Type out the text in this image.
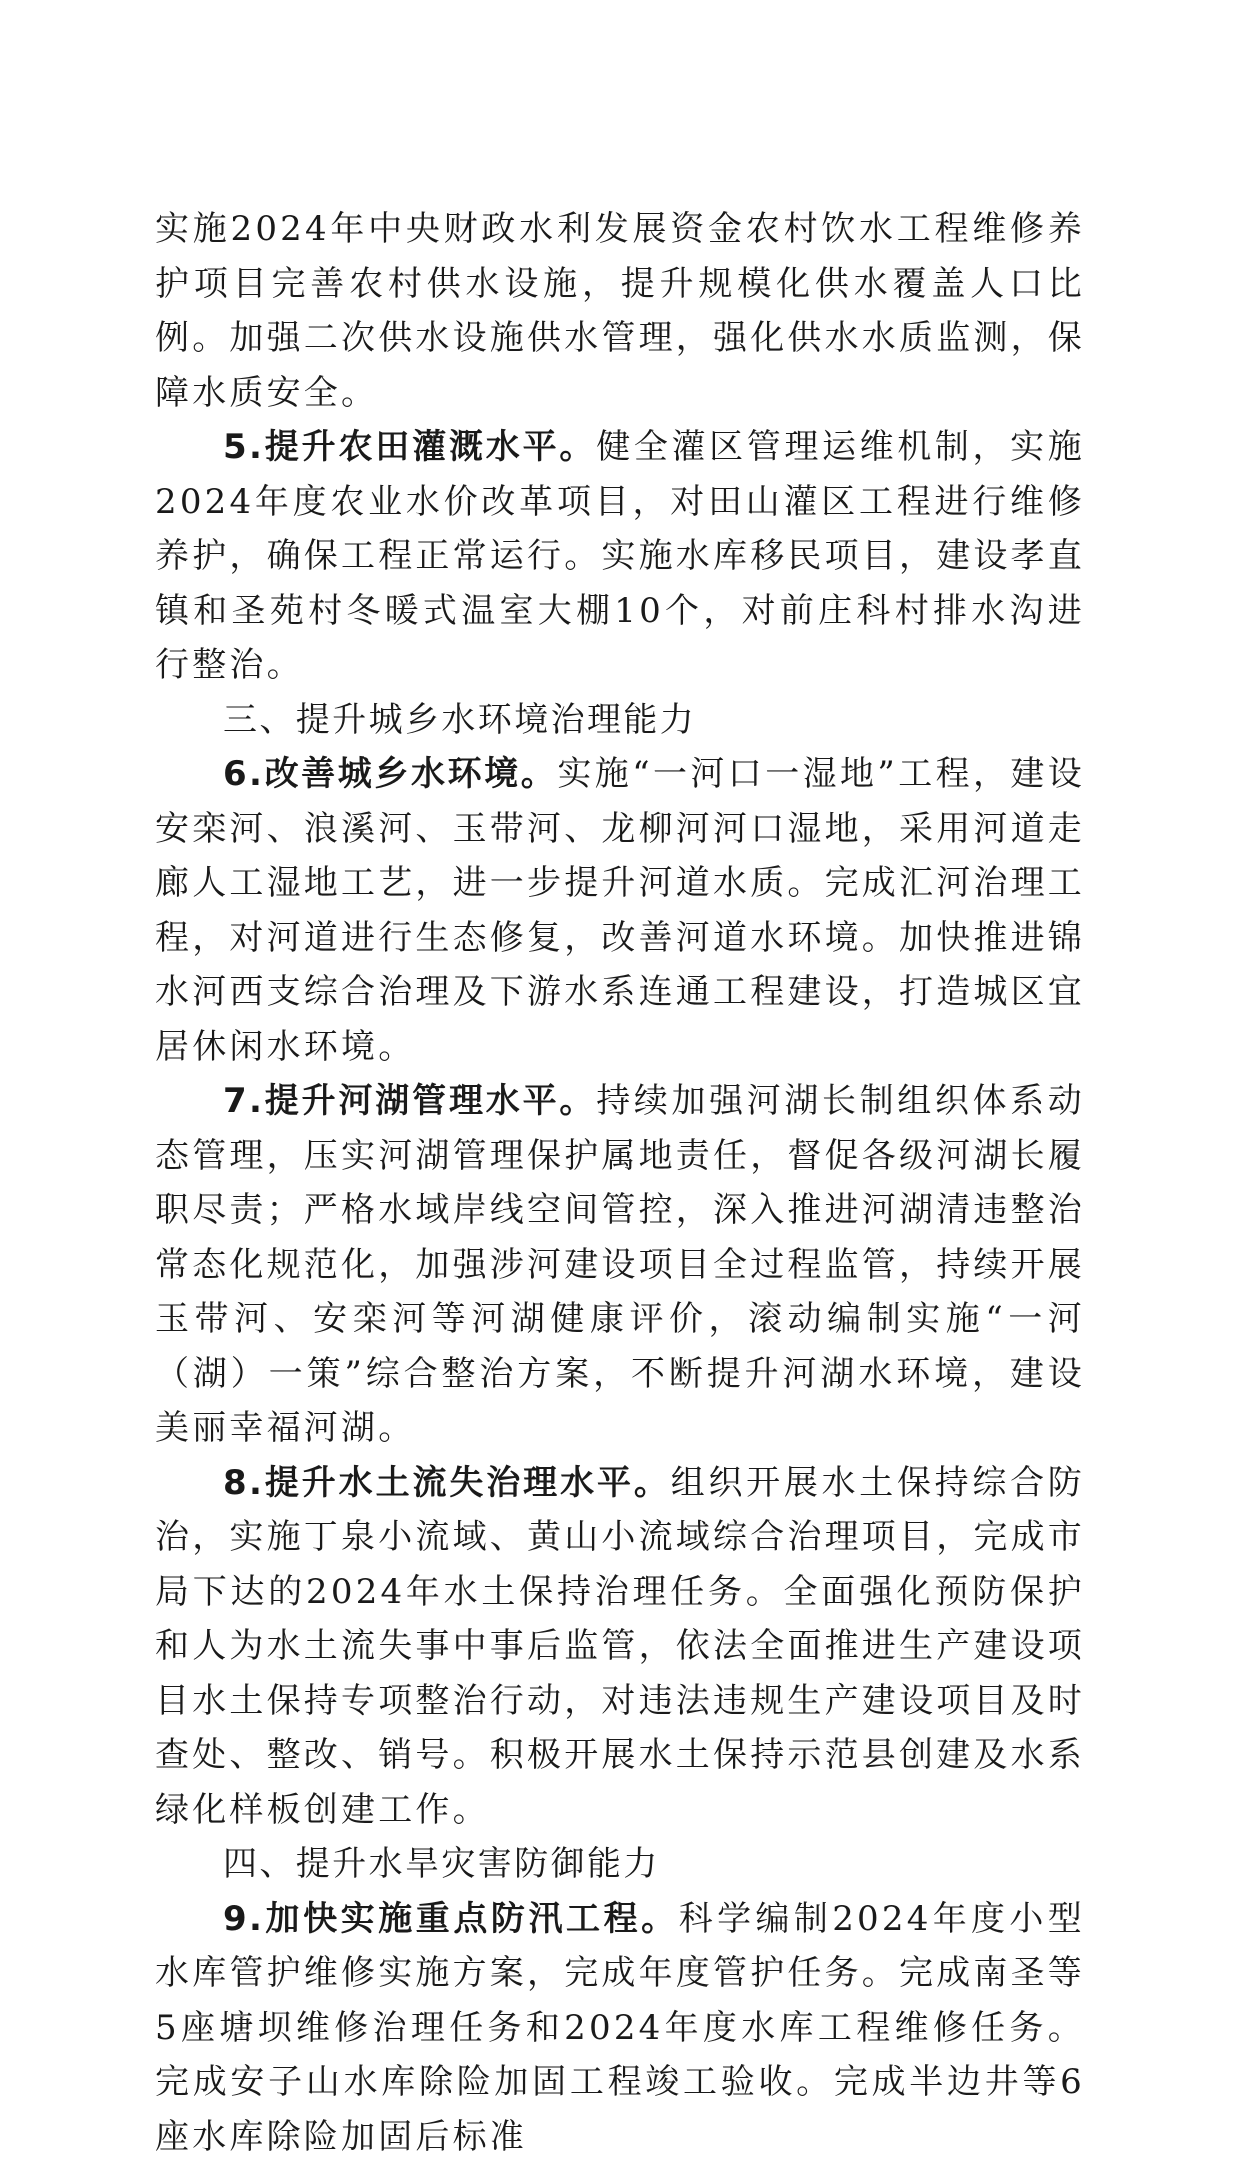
实施2024年中央财政水利发展资金农村饮水工程维修养护项目完善农村供水设施，提升规模化供水覆盖人口比例。加强二次供水设施供水管理，强化供水水质监测，保障水质安全。

5.提升农田灌溉水平。健全灌区管理运维机制，实施2024年度农业水价改革项目，对田山灌区工程进行维修养护，确保工程正常运行。实施水库移民项目，建设孝直镇和圣苑村冬暖式温室大棚10个，对前庄科村排水沟进行整治。

三、提升城乡水环境治理能力

6.改善城乡水环境。实施“一河口一湿地”工程，建设安栾河、浪溪河、玉带河、龙柳河河口湿地，采用河道走廊人工湿地工艺，进一步提升河道水质。完成汇河治理工程，对河道进行生态修复，改善河道水环境。加快推进锦水河西支综合治理及下游水系连通工程建设，打造城区宜居休闲水环境。

7.提升河湖管理水平。持续加强河湖长制组织体系动态管理，压实河湖管理保护属地责任，督促各级河湖长履职尽责；严格水域岸线空间管控，深入推进河湖清违整治常态化规范化，加强涉河建设项目全过程监管，持续开展玉带河、安栾河等河湖健康评价，滚动编制实施“一河（湖）一策”综合整治方案，不断提升河湖水环境，建设美丽幸福河湖。

8.提升水土流失治理水平。组织开展水土保持综合防治，实施丁泉小流域、黄山小流域综合治理项目，完成市局下达的2024年水土保持治理任务。全面强化预防保护和人为水土流失事中事后监管，依法全面推进生产建设项目水土保持专项整治行动，对违法违规生产建设项目及时查处、整改、销号。积极开展水土保持示范县创建及水系绿化样板创建工作。

四、提升水旱灾害防御能力

9.加快实施重点防汛工程。科学编制2024年度小型水库管护维修实施方案，完成年度管护任务。完成南圣等5座塘坝维修治理任务和2024年度水库工程维修任务。完成安子山水库除险加固工程竣工验收。完成半边井等6座水库除险加固后标准
